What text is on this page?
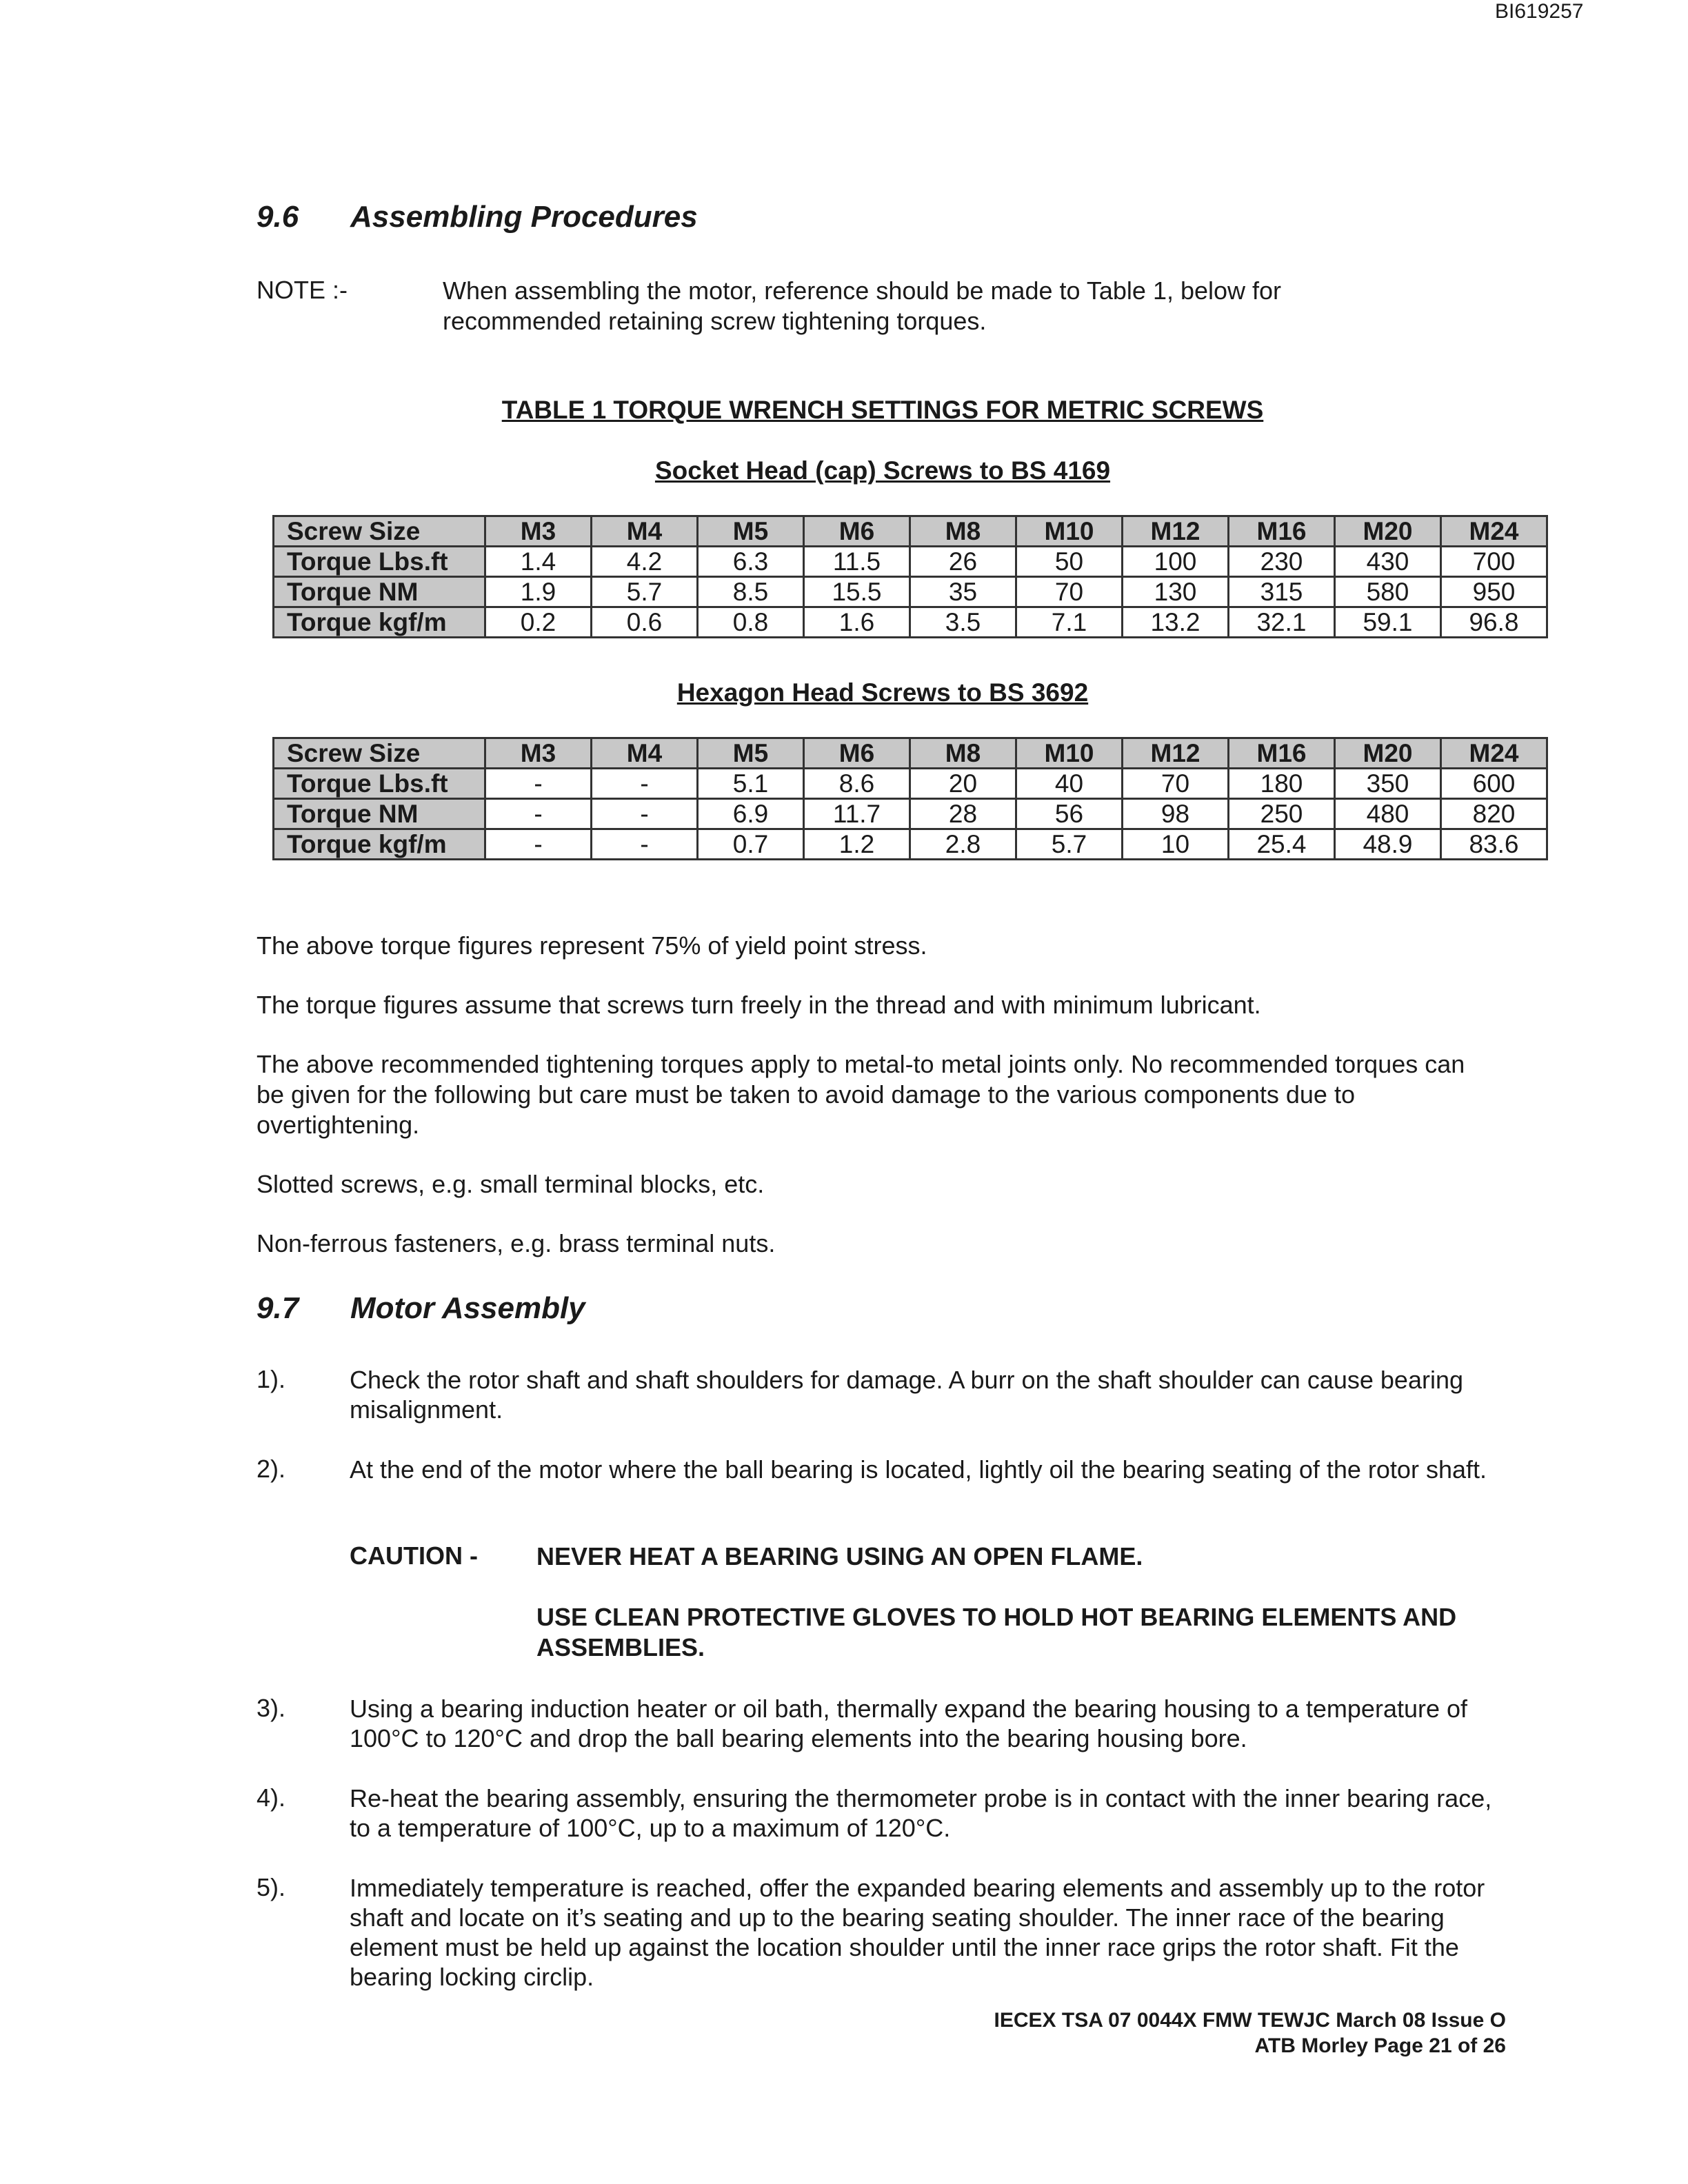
BI619257
9.6 Assembling Procedures
NOTE :-	When assembling the motor, reference should be made to Table 1, below for recommended retaining screw tightening torques.
TABLE 1 TORQUE WRENCH SETTINGS FOR METRIC SCREWS
Socket Head (cap) Screws to BS 4169
Screw Size	M3	M4	M5	M6	M8	M10	M12	M16	M20	M24
Torque Lbs.ft	1.4	4.2	6.3	11.5	26	50	100	230	430	700
Torque NM	1.9	5.7	8.5	15.5	35	70	130	315	580	950
Torque kgf/m	0.2	0.6	0.8	1.6	3.5	7.1	13.2	32.1	59.1	96.8
Hexagon Head Screws to BS 3692
Screw Size	M3	M4	M5	M6	M8	M10	M12	M16	M20	M24
Torque Lbs.ft	-	-	5.1	8.6	20	40	70	180	350	600
Torque NM	-	-	6.9	11.7	28	56	98	250	480	820
Torque kgf/m	-	-	0.7	1.2	2.8	5.7	10	25.4	48.9	83.6
The above torque figures represent 75% of yield point stress.
The torque figures assume that screws turn freely in the thread and with minimum lubricant.
The above recommended tightening torques apply to metal-to metal joints only. No recommended torques can be given for the following but care must be taken to avoid damage to the various components due to overtightening.
Slotted screws, e.g. small terminal blocks, etc.
Non-ferrous fasteners, e.g. brass terminal nuts.
9.7 Motor Assembly
1).	Check the rotor shaft and shaft shoulders for damage. A burr on the shaft shoulder can cause bearing misalignment.
2).	At the end of the motor where the ball bearing is located, lightly oil the bearing seating of the rotor shaft.
CAUTION - NEVER HEAT A BEARING USING AN OPEN FLAME.
USE CLEAN PROTECTIVE GLOVES TO HOLD HOT BEARING ELEMENTS AND ASSEMBLIES.
3).	Using a bearing induction heater or oil bath, thermally expand the bearing housing to a temperature of 100°C to 120°C and drop the ball bearing elements into the bearing housing bore.
4).	Re-heat the bearing assembly, ensuring the thermometer probe is in contact with the inner bearing race, to a temperature of 100°C, up to a maximum of 120°C.
5).	Immediately temperature is reached, offer the expanded bearing elements and assembly up to the rotor shaft and locate on it’s seating and up to the bearing seating shoulder. The inner race of the bearing element must be held up against the location shoulder until the inner race grips the rotor shaft. Fit the bearing locking circlip.
IECEX TSA 07 0044X FMW TEWJC March 08 Issue O
ATB Morley Page 21 of 26
